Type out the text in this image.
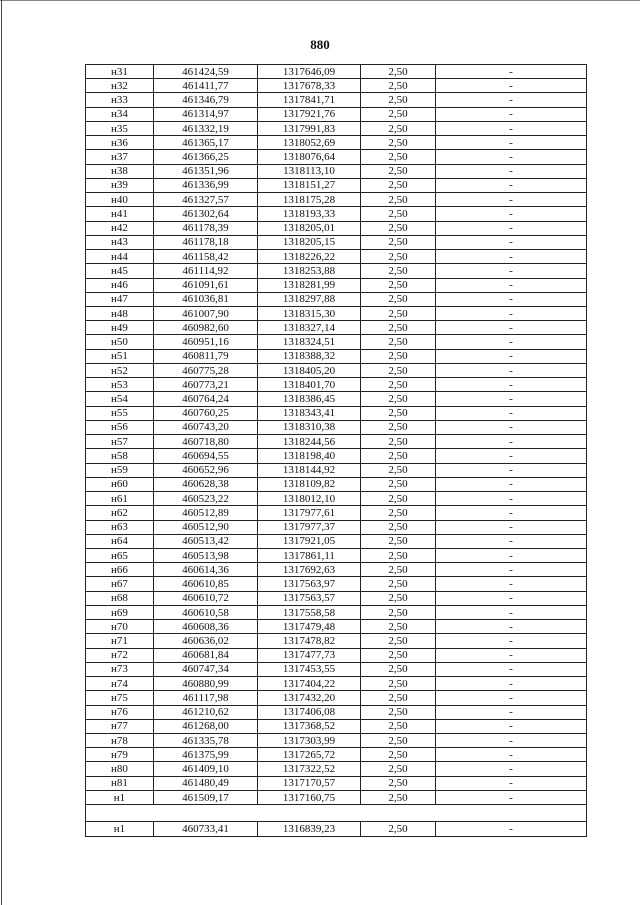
880
н31	461424,59	1317646,09	2,50	-
н32	461411,77	1317678,33	2,50	-
н33	461346,79	1317841,71	2,50	-
н34	461314,97	1317921,76	2,50	-
н35	461332,19	1317991,83	2,50	-
н36	461365,17	1318052,69	2,50	-
н37	461366,25	1318076,64	2,50	-
н38	461351,96	1318113,10	2,50	-
н39	461336,99	1318151,27	2,50	-
н40	461327,57	1318175,28	2,50	-
н41	461302,64	1318193,33	2,50	-
н42	461178,39	1318205,01	2,50	-
н43	461178,18	1318205,15	2,50	-
н44	461158,42	1318226,22	2,50	-
н45	461114,92	1318253,88	2,50	-
н46	461091,61	1318281,99	2,50	-
н47	461036,81	1318297,88	2,50	-
н48	461007,90	1318315,30	2,50	-
н49	460982,60	1318327,14	2,50	-
н50	460951,16	1318324,51	2,50	-
н51	460811,79	1318388,32	2,50	-
н52	460775,28	1318405,20	2,50	-
н53	460773,21	1318401,70	2,50	-
н54	460764,24	1318386,45	2,50	-
н55	460760,25	1318343,41	2,50	-
н56	460743,20	1318310,38	2,50	-
н57	460718,80	1318244,56	2,50	-
н58	460694,55	1318198,40	2,50	-
н59	460652,96	1318144,92	2,50	-
н60	460628,38	1318109,82	2,50	-
н61	460523,22	1318012,10	2,50	-
н62	460512,89	1317977,61	2,50	-
н63	460512,90	1317977,37	2,50	-
н64	460513,42	1317921,05	2,50	-
н65	460513,98	1317861,11	2,50	-
н66	460614,36	1317692,63	2,50	-
н67	460610,85	1317563,97	2,50	-
н68	460610,72	1317563,57	2,50	-
н69	460610,58	1317558,58	2,50	-
н70	460608,36	1317479,48	2,50	-
н71	460636,02	1317478,82	2,50	-
н72	460681,84	1317477,73	2,50	-
н73	460747,34	1317453,55	2,50	-
н74	460880,99	1317404,22	2,50	-
н75	461117,98	1317432,20	2,50	-
н76	461210,62	1317406,08	2,50	-
н77	461268,00	1317368,52	2,50	-
н78	461335,78	1317303,99	2,50	-
н79	461375,99	1317265,72	2,50	-
н80	461409,10	1317322,52	2,50	-
н81	461480,49	1317170,57	2,50	-
н1	461509,17	1317160,75	2,50	-

н1	460733,41	1316839,23	2,50	-
